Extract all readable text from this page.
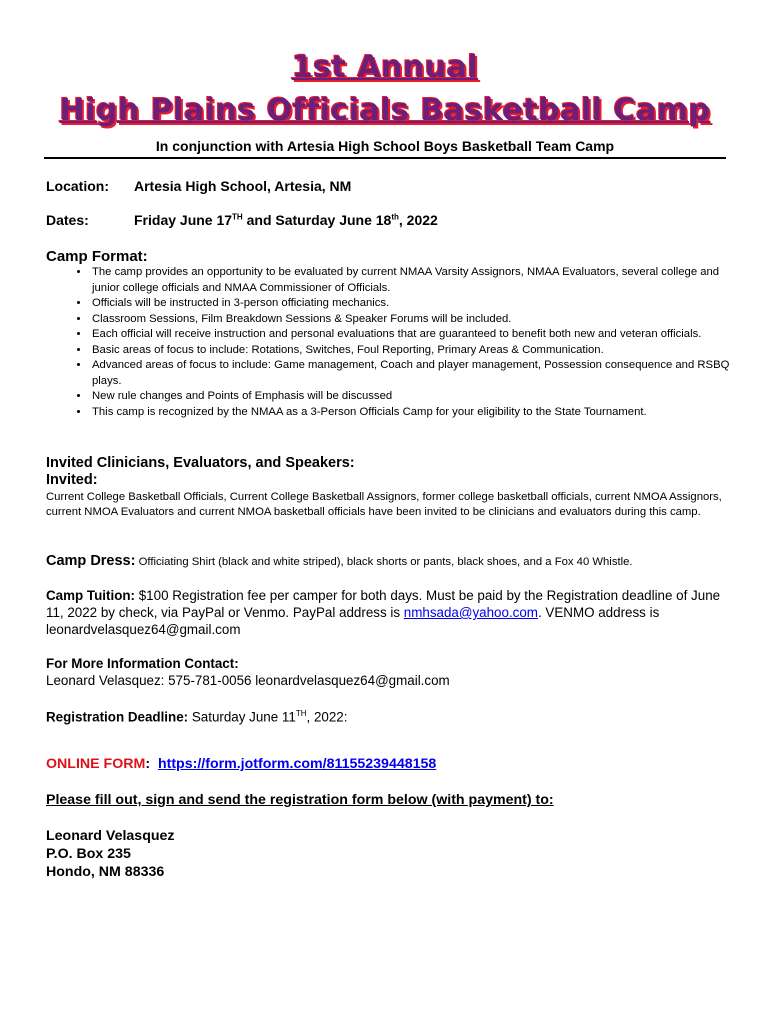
1st Annual
High Plains Officials Basketball Camp
In conjunction with Artesia High School Boys Basketball Team Camp
Location: Artesia High School, Artesia, NM
Dates:	Friday June 17TH and Saturday June 18th, 2022
Camp Format:
• The camp provides an opportunity to be evaluated by current NMAA Varsity Assignors, NMAA Evaluators, several college and junior college officials and NMAA Commissioner of Officials.
• Officials will be instructed in 3-person officiating mechanics.
• Classroom Sessions, Film Breakdown Sessions & Speaker Forums will be included.
• Each official will receive instruction and personal evaluations that are guaranteed to benefit both new and veteran officials.
• Basic areas of focus to include: Rotations, Switches, Foul Reporting, Primary Areas & Communication.
• Advanced areas of focus to include: Game management, Coach and player management, Possession consequence and RSBQ plays.
• New rule changes and Points of Emphasis will be discussed
• This camp is recognized by the NMAA as a 3-Person Officials Camp for your eligibility to the State Tournament.
Invited Clinicians, Evaluators, and Speakers:
Invited:
Current College Basketball Officials, Current College Basketball Assignors, former college basketball officials, current NMOA Assignors, current NMOA Evaluators and current NMOA basketball officials have been invited to be clinicians and evaluators during this camp.
Camp Dress: Officiating Shirt (black and white striped), black shorts or pants, black shoes, and a Fox 40 Whistle.
Camp Tuition: $100 Registration fee per camper for both days. Must be paid by the Registration deadline of June 11, 2022 by check, via PayPal or Venmo. PayPal address is nmhsada@yahoo.com. VENMO address is leonardvelasquez64@gmail.com
For More Information Contact:
Leonard Velasquez: 575-781-0056 leonardvelasquez64@gmail.com
Registration Deadline: Saturday June 11TH, 2022:
ONLINE FORM: https://form.jotform.com/81155239448158
Please fill out, sign and send the registration form below (with payment) to:
Leonard Velasquez
P.O. Box 235
Hondo, NM 88336
